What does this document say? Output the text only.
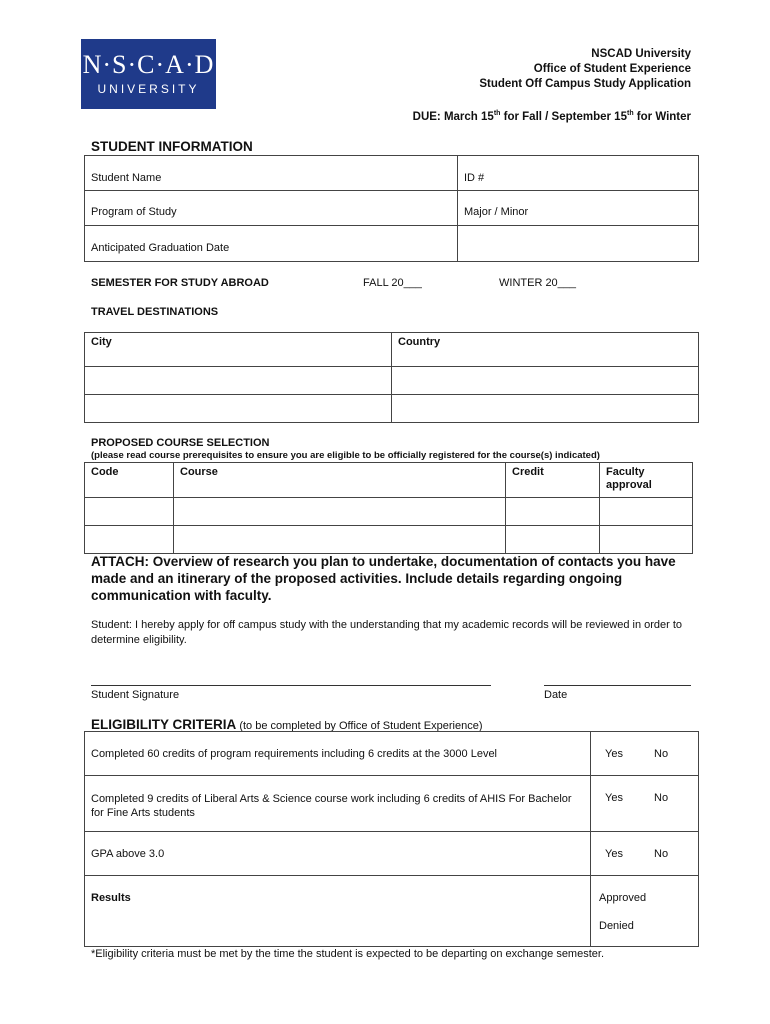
N·S·C·A·D
UNIVERSITY
NSCAD University
Office of Student Experience
Student Off Campus Study Application
DUE: March 15th for Fall / September 15th for Winter
STUDENT INFORMATION
Student Name	ID #
Program of Study	Major / Minor
Anticipated Graduation Date	
SEMESTER FOR STUDY ABROAD	FALL 20___	WINTER 20___
TRAVEL DESTINATIONS
City	Country

PROPOSED COURSE SELECTION
(please read course prerequisites to ensure you are eligible to be officially registered for the course(s) indicated)
Code	Course	Credit	Faculty approval

ATTACH: Overview of research you plan to undertake, documentation of contacts you have made and an itinerary of the proposed activities. Include details regarding ongoing communication with faculty.
Student: I hereby apply for off campus study with the understanding that my academic records will be reviewed in order to determine eligibility.
Student Signature	Date
ELIGIBILITY CRITERIA (to be completed by Office of Student Experience)
Completed 60 credits of program requirements including 6 credits at the 3000 Level	Yes No
Completed 9 credits of Liberal Arts & Science course work including 6 credits of AHIS For Bachelor for Fine Arts students	Yes No
GPA above 3.0	Yes No
Results	Approved
Denied
*Eligibility criteria must be met by the time the student is expected to be departing on exchange semester.
